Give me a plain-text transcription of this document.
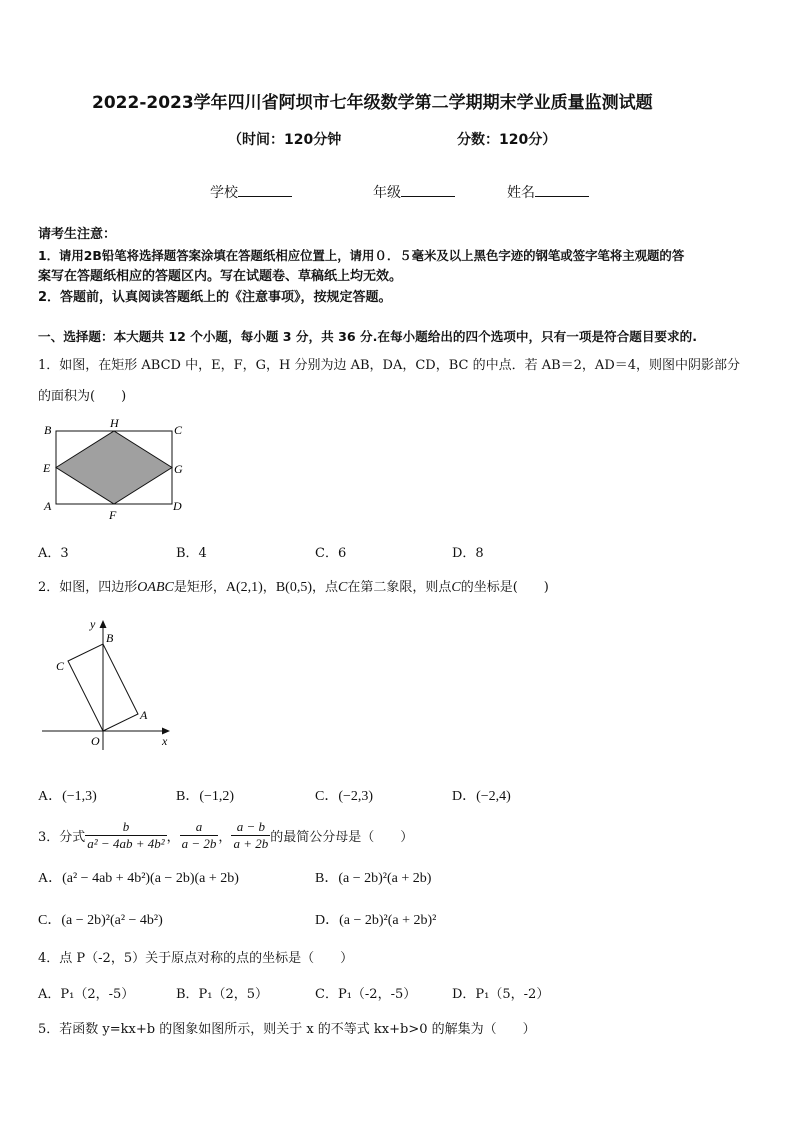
2022-2023学年四川省阿坝市七年级数学第二学期期末学业质量监测试题
（时间：120分钟	分数：120分）
学校	年级	姓名
请考生注意：
1．请用2B铅笔将选择题答案涂填在答题纸相应位置上，请用０．５毫米及以上黑色字迹的钢笔或签字笔将主观题的答
案写在答题纸相应的答题区内。写在试题卷、草稿纸上均无效。
2．答题前，认真阅读答题纸上的《注意事项》，按规定答题。
一、选择题：本大题共 12 个小题，每小题 3 分，共 36 分.在每小题给出的四个选项中，只有一项是符合题目要求的.
1．如图，在矩形 ABCD 中，E，F，G，H 分别为边 AB，DA，CD，BC 的中点．若 AB＝2，AD＝4，则图中阴影部分
的面积为(　　)
B	H	C
E	G
A
F
D
A．3	B．4	C．6	D．8
2．如图，四边形OABC是矩形，A(2,1)，B(0,5)，点C在第二象限，则点C的坐标是(　　)
y
B
C
A
O	x
A．(−1,3)	B．(−1,2)	C．(−2,3)	D．(−2,4)
3．分式 $\frac{b}{\text{a² − 4ab + 4b²}}$ ， $\frac{a}{a - 2b}$ ， $\frac{a - b}{a + 2b}$ 的最简公分母是（　　）
A．(a² − 4ab + 4b²)(a − 2b)(a + 2b)	B．(a − 2b)²(a + 2b)
C．(a − 2b)²(a² − 4b²)	D．(a − 2b)²(a + 2b)²
4．点 P（-2，5）关于原点对称的点的坐标是（　　）
A．P₁（2，-5）	B．P₁（2，5）	C．P₁（-2，-5）	D．P₁（5，-2）
5．若函数 y=kx+b 的图象如图所示，则关于 x 的不等式 kx+b>0 的解集为（　　）
